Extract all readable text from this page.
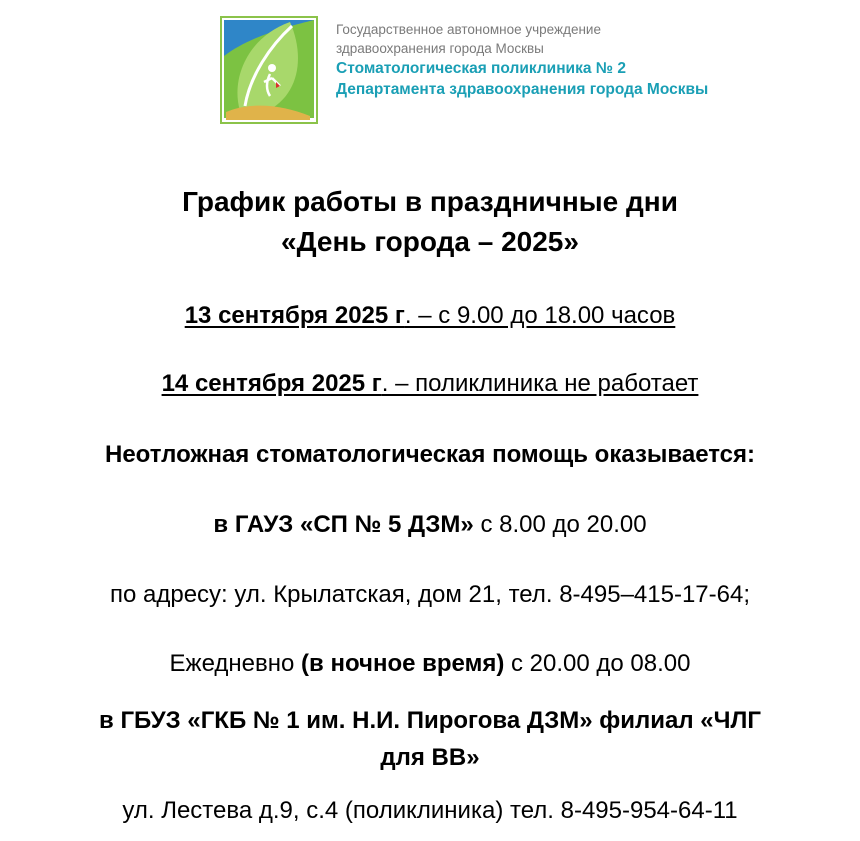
Государственное автономное учреждение
здравоохранения города Москвы
Стоматологическая поликлиника № 2
Департамента здравоохранения города Москвы
График работы в праздничные дни
«День города – 2025»
13 сентября 2025 г. – с 9.00 до 18.00 часов
14 сентября 2025 г. – поликлиника не работает
Неотложная стоматологическая помощь оказывается:
в ГАУЗ «СП № 5 ДЗМ» с 8.00 до 20.00
по адресу: ул. Крылатская, дом 21, тел. 8-495–415-17-64;
Ежедневно (в ночное время) с 20.00 до 08.00
в ГБУЗ «ГКБ № 1 им. Н.И. Пирогова ДЗМ» филиал «ЧЛГ
для ВВ»
ул. Лестева д.9, с.4 (поликлиника) тел. 8-495-954-64-11
